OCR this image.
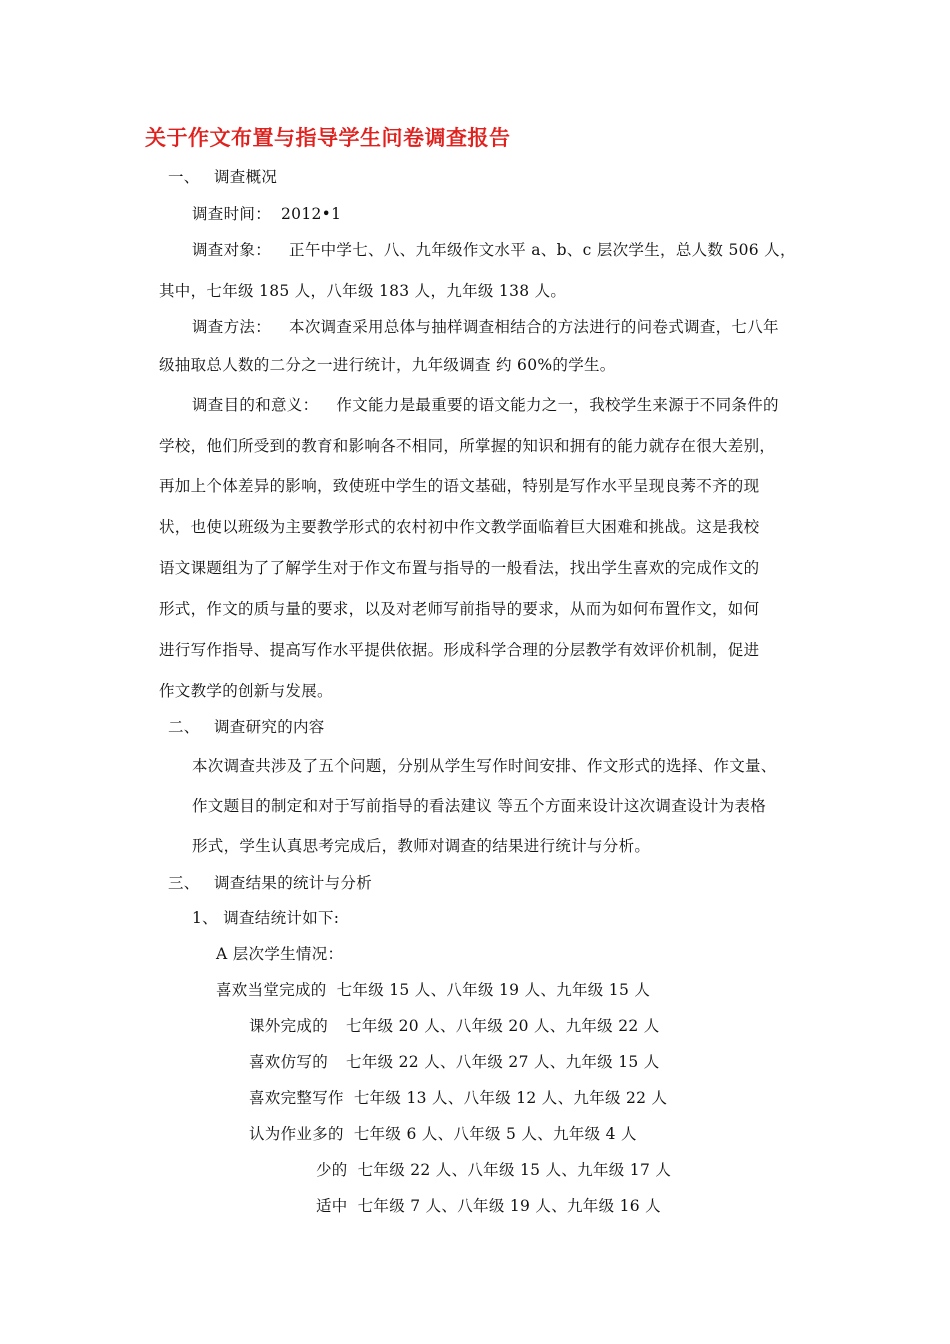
关于作文布置与指导学生问卷调查报告
一、 调查概况
调查时间： 2012•1
调查对象： 正午中学七、八、九年级作文水平 a、b、c 层次学生，总人数 506 人，
其中，七年级 185 人，八年级 183 人，九年级 138 人。
调查方法： 本次调查采用总体与抽样调查相结合的方法进行的问卷式调查，七八年
级抽取总人数的二分之一进行统计，九年级调查 约 60%的学生。
调查目的和意义： 作文能力是最重要的语文能力之一，我校学生来源于不同条件的
学校，他们所受到的教育和影响各不相同，所掌握的知识和拥有的能力就存在很大差别，
再加上个体差异的影响，致使班中学生的语文基础，特别是写作水平呈现良莠不齐的现
状，也使以班级为主要教学形式的农村初中作文教学面临着巨大困难和挑战。这是我校
语文课题组为了了解学生对于作文布置与指导的一般看法，找出学生喜欢的完成作文的
形式，作文的质与量的要求，以及对老师写前指导的要求，从而为如何布置作文，如何
进行写作指导、提高写作水平提供依据。形成科学合理的分层教学有效评价机制，促进
作文教学的创新与发展。
二、 调查研究的内容
本次调查共涉及了五个问题，分别从学生写作时间安排、作文形式的选择、作文量、
作文题目的制定和对于写前指导的看法建议 等五个方面来设计这次调查设计为表格
形式，学生认真思考完成后，教师对调查的结果进行统计与分析。
三、 调查结果的统计与分析
1、 调查结统计如下:
A 层次学生情况：
喜欢当堂完成的 七年级 15 人、八年级 19 人、九年级 15 人
课外完成的 七年级 20 人、八年级 20 人、九年级 22 人
喜欢仿写的 七年级 22 人、八年级 27 人、九年级 15 人
喜欢完整写作 七年级 13 人、八年级 12 人、九年级 22 人
认为作业多的 七年级 6 人、八年级 5 人、九年级 4 人
少的 七年级 22 人、八年级 15 人、九年级 17 人
适中 七年级 7 人、八年级 19 人、九年级 16 人
